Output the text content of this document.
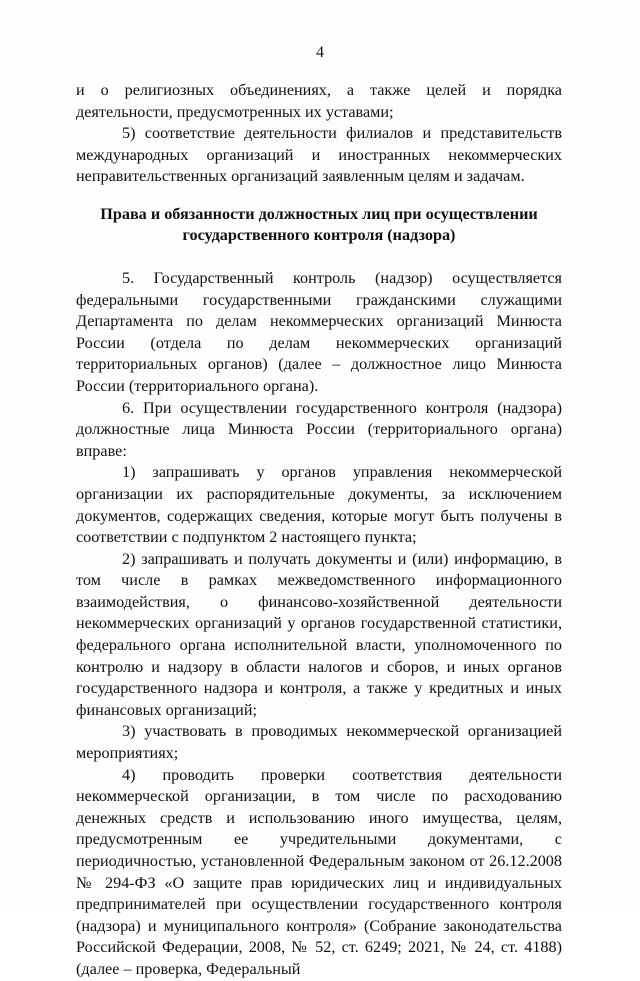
4

и о религиозных объединениях, а также целей и порядка деятельности, предусмотренных их уставами;

5) соответствие деятельности филиалов и представительств международных организаций и иностранных некоммерческих неправительственных организаций заявленным целям и задачам.

Права и обязанности должностных лиц при осуществлении государственного контроля (надзора)

5. Государственный контроль (надзор) осуществляется федеральными государственными гражданскими служащими Департамента по делам некоммерческих организаций Минюста России (отдела по делам некоммерческих организаций территориальных органов) (далее – должностное лицо Минюста России (территориального органа).

6. При осуществлении государственного контроля (надзора) должностные лица Минюста России (территориального органа) вправе:

1) запрашивать у органов управления некоммерческой организации их распорядительные документы, за исключением документов, содержащих сведения, которые могут быть получены в соответствии с подпунктом 2 настоящего пункта;

2) запрашивать и получать документы и (или) информацию, в том числе в рамках межведомственного информационного взаимодействия, о финансово-хозяйственной деятельности некоммерческих организаций у органов государственной статистики, федерального органа исполнительной власти, уполномоченного по контролю и надзору в области налогов и сборов, и иных органов государственного надзора и контроля, а также у кредитных и иных финансовых организаций;

3) участвовать в проводимых некоммерческой организацией мероприятиях;

4) проводить проверки соответствия деятельности некоммерческой организации, в том числе по расходованию денежных средств и использованию иного имущества, целям, предусмотренным ее учредительными документами, с периодичностью, установленной Федеральным законом от 26.12.2008 № 294-ФЗ «О защите прав юридических лиц и индивидуальных предпринимателей при осуществлении государственного контроля (надзора) и муниципального контроля» (Собрание законодательства Российской Федерации, 2008, № 52, ст. 6249; 2021, № 24, ст. 4188) (далее – проверка, Федеральный
